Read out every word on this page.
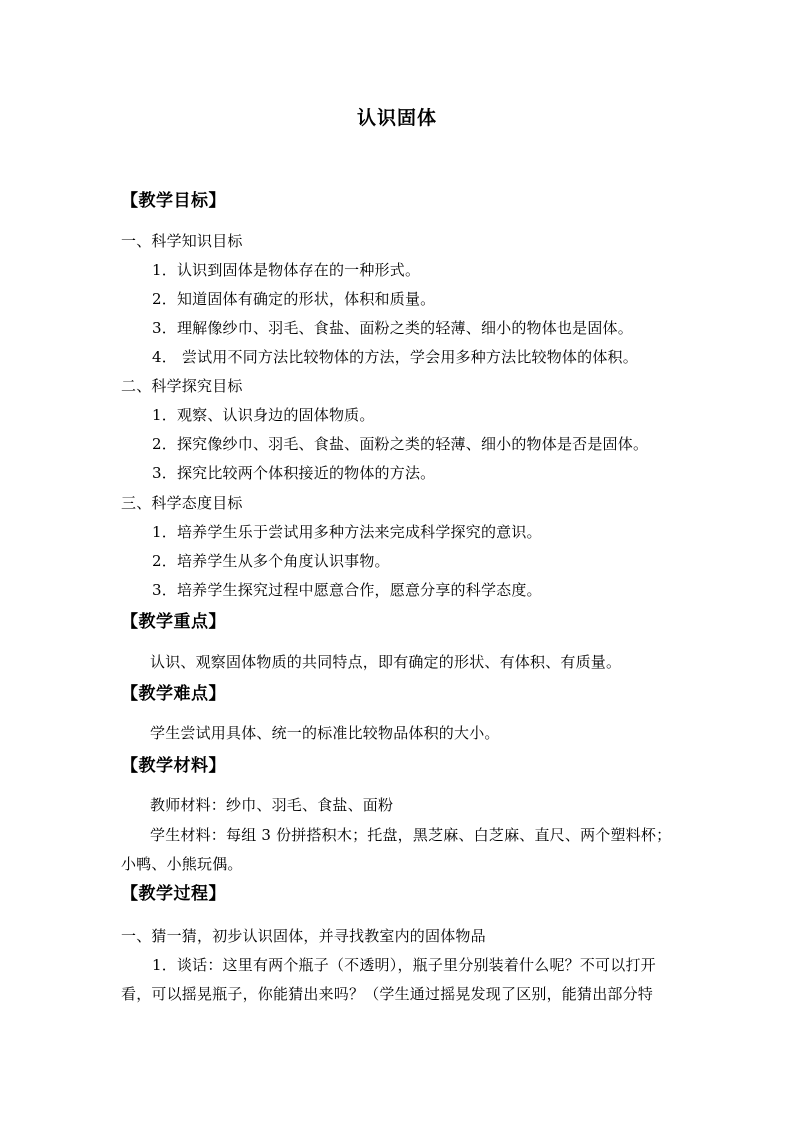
认识固体
【教学目标】
一、科学知识目标
1．认识到固体是物体存在的一种形式。
2．知道固体有确定的形状，体积和质量。
3．理解像纱巾、羽毛、食盐、面粉之类的轻薄、细小的物体也是固体。
4． 尝试用不同方法比较物体的方法，学会用多种方法比较物体的体积。
二、科学探究目标
1．观察、认识身边的固体物质。
2．探究像纱巾、羽毛、食盐、面粉之类的轻薄、细小的物体是否是固体。
3．探究比较两个体积接近的物体的方法。
三、科学态度目标
1．培养学生乐于尝试用多种方法来完成科学探究的意识。
2．培养学生从多个角度认识事物。
3．培养学生探究过程中愿意合作，愿意分享的科学态度。
【教学重点】
认识、观察固体物质的共同特点，即有确定的形状、有体积、有质量。
【教学难点】
学生尝试用具体、统一的标准比较物品体积的大小。
【教学材料】
教师材料：纱巾、羽毛、食盐、面粉
学生材料：每组 3 份拼搭积木；托盘，黑芝麻、白芝麻、直尺、两个塑料杯；
小鸭、小熊玩偶。
【教学过程】
一、猜一猜，初步认识固体，并寻找教室内的固体物品
1．谈话：这里有两个瓶子（不透明），瓶子里分别装着什么呢？不可以打开
看，可以摇晃瓶子，你能猜出来吗？（学生通过摇晃发现了区别，能猜出部分特
